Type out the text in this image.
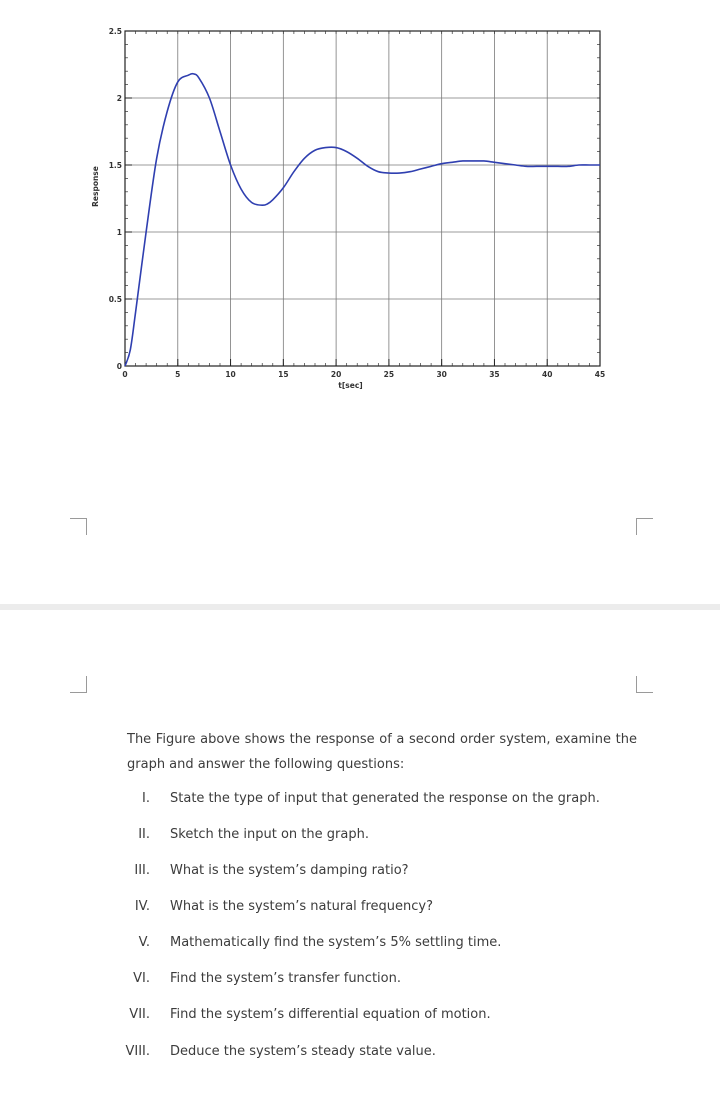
0	5	10	15	20	25	30	35	40	45
0
0.5
1
1.5
2
2.5
t[sec]
Response
The Figure above shows the response of a second order system, examine the graph and answer the following questions:
I. State the type of input that generated the response on the graph.
II. Sketch the input on the graph.
III. What is the system’s damping ratio?
IV. What is the system’s natural frequency?
V. Mathematically find the system’s 5% settling time.
VI. Find the system’s transfer function.
VII. Find the system’s differential equation of motion.
VIII. Deduce the system’s steady state value.
